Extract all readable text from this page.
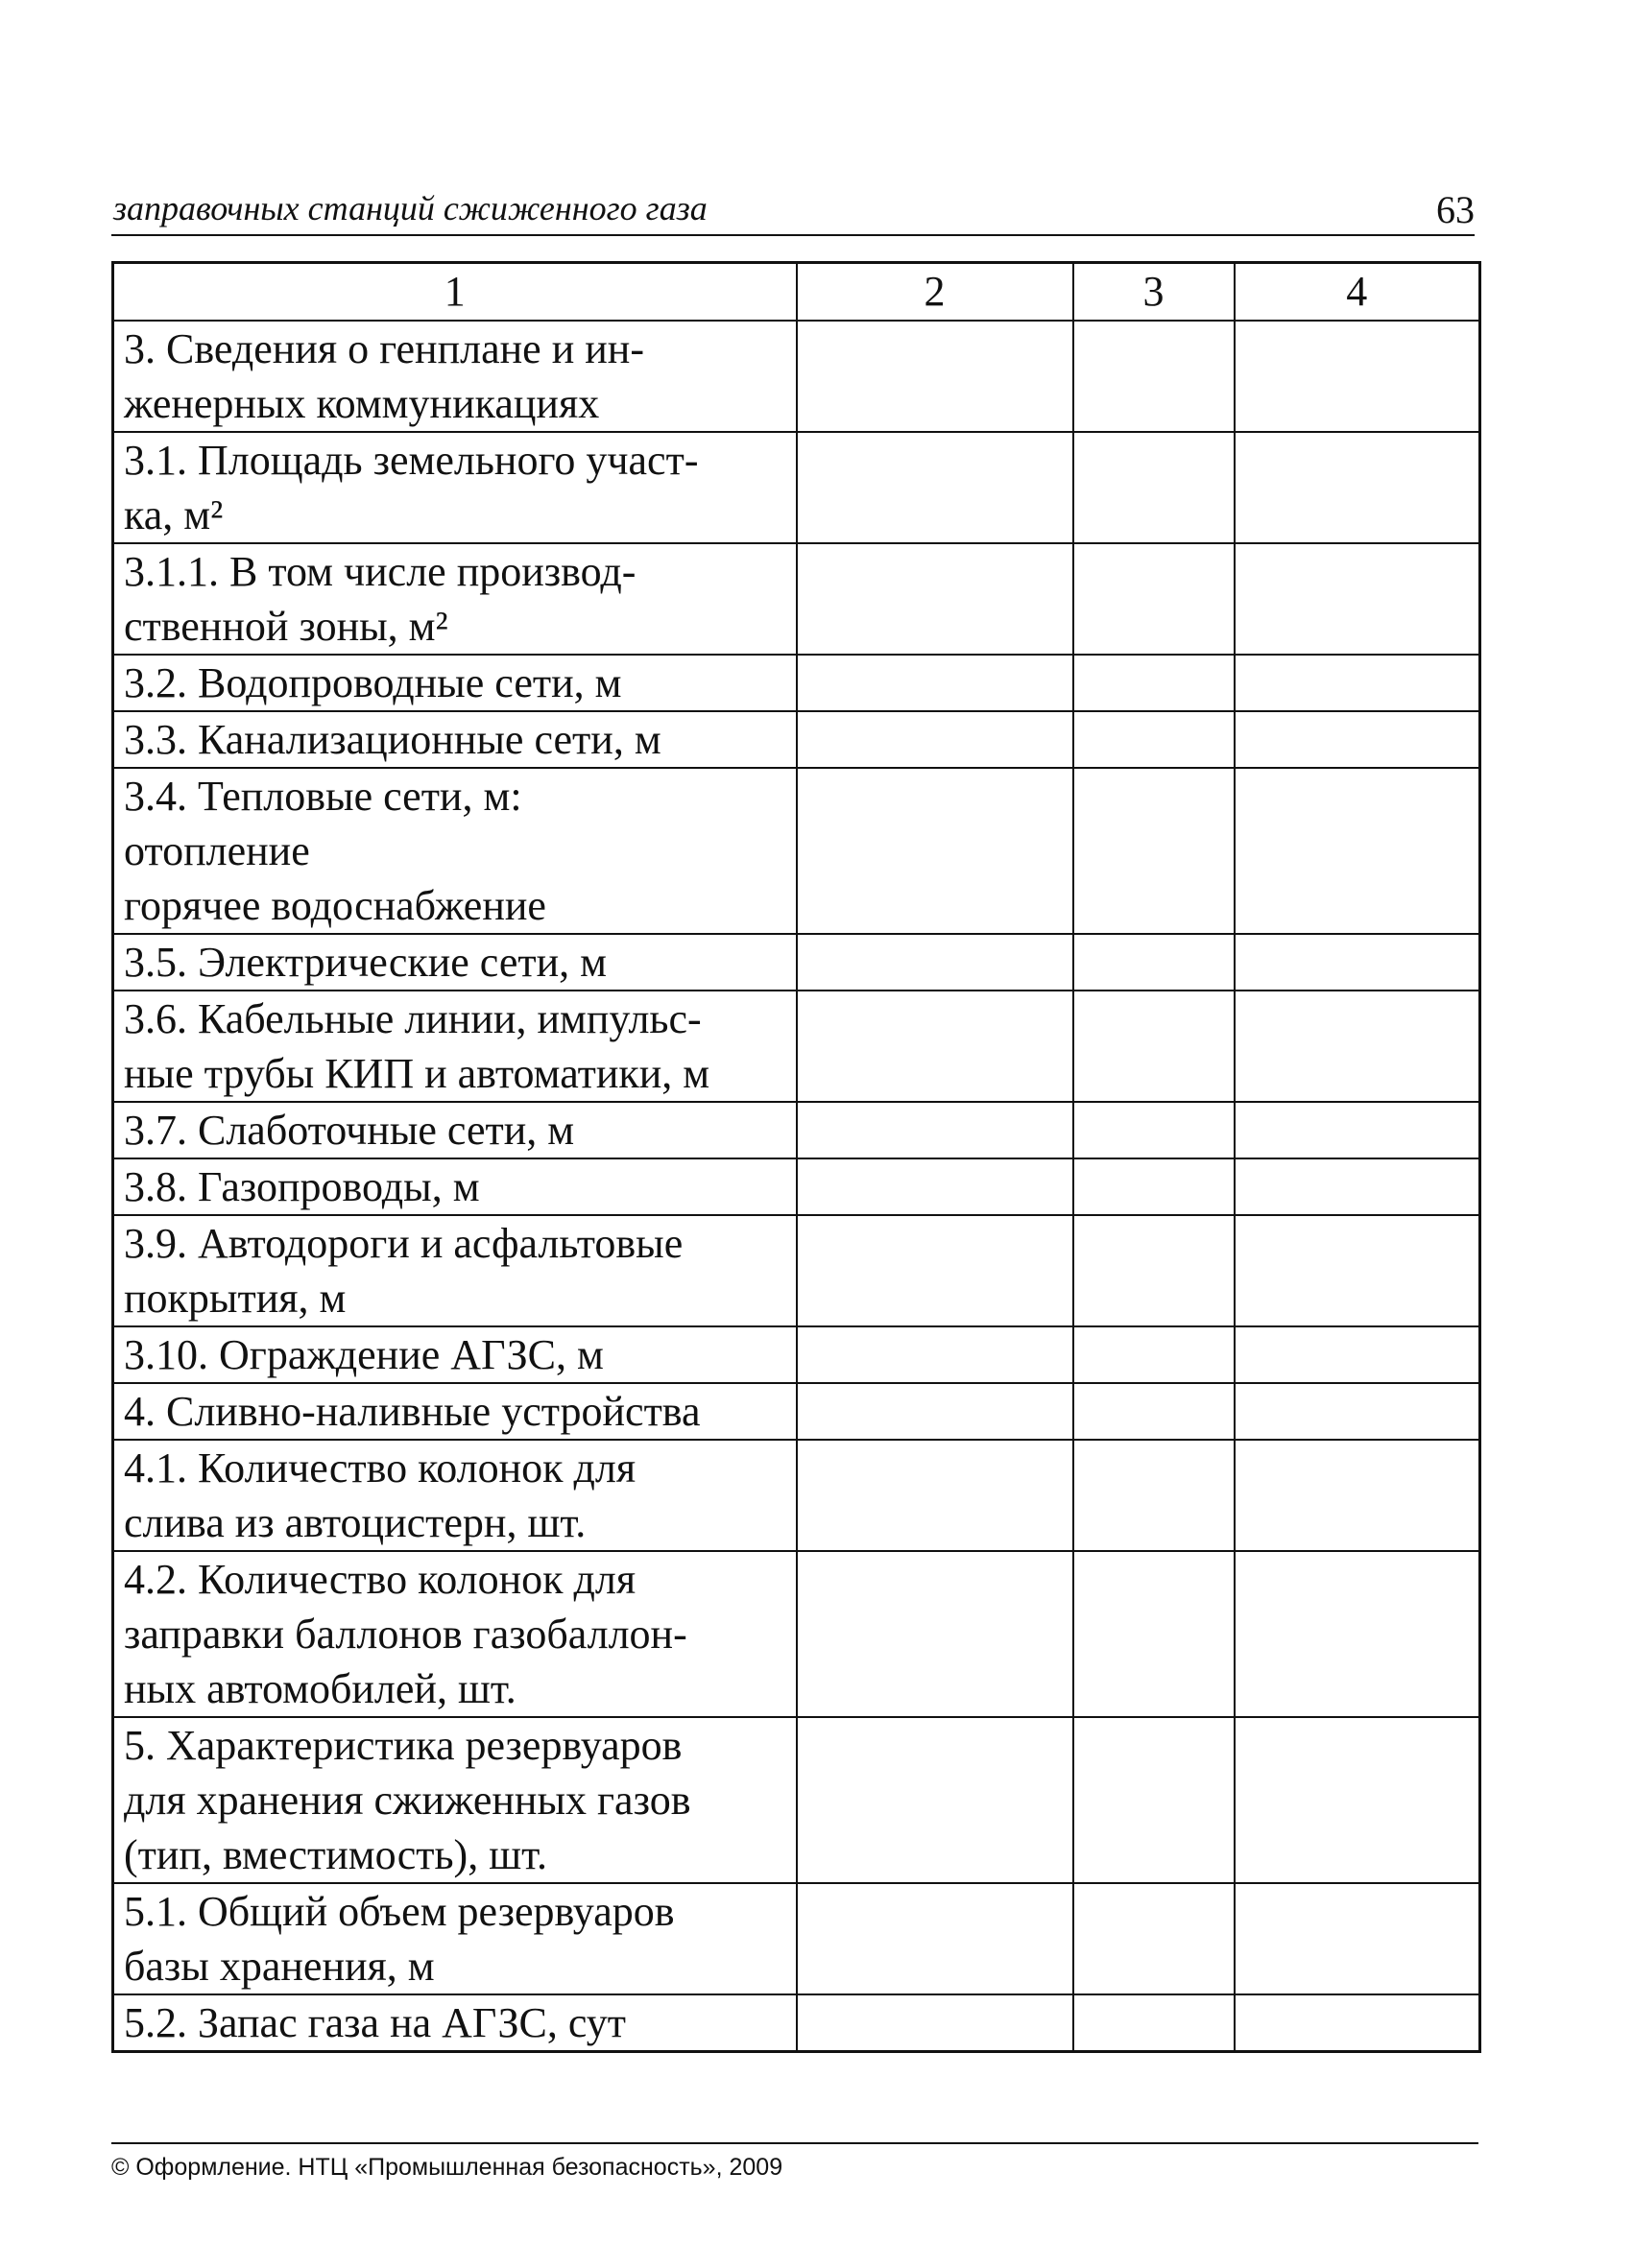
заправочных станций сжиженного газа	63
1	2	3	4

3. Сведения о генплане и ин-
женерных коммуникациях			

3.1. Площадь земельного участ-
ка, м²			

3.1.1. В том числе производ-
ственной зоны, м²			

3.2. Водопроводные сети, м			

3.3. Канализационные сети, м			

3.4. Тепловые сети, м:
отопление
горячее водоснабжение			

3.5. Электрические сети, м			

3.6. Кабельные линии, импульс-
ные трубы КИП и автоматики, м			

3.7. Слаботочные сети, м			

3.8. Газопроводы, м			

3.9. Автодороги и асфальтовые
покрытия, м			

3.10. Ограждение АГЗС, м			

4. Сливно-наливные устройства			

4.1. Количество колонок для
слива из автоцистерн, шт.			

4.2. Количество колонок для
заправки баллонов газобаллон-
ных автомобилей, шт.			

5. Характеристика резервуаров
для хранения сжиженных газов
(тип, вместимость), шт.			

5.1. Общий объем резервуаров
базы хранения, м			

5.2. Запас газа на АГЗС, сут			

© Оформление. НТЦ «Промышленная безопасность», 2009
